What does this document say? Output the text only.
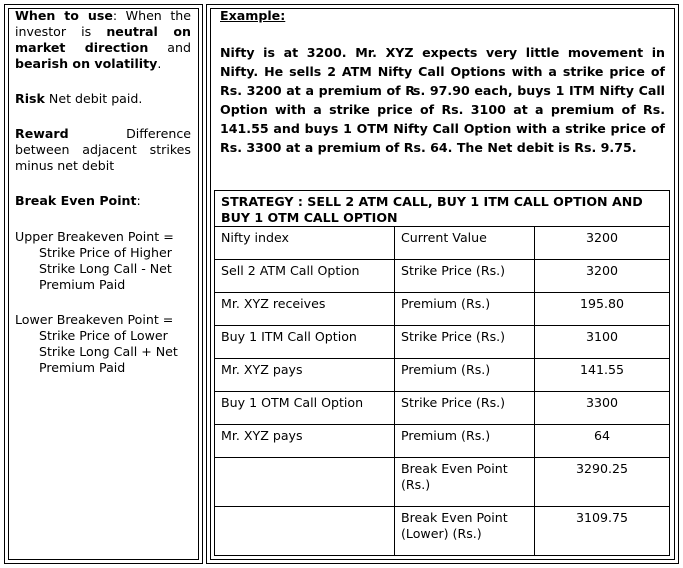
When to use: When the
investor is neutral on
market direction and
bearish on volatility.
Risk Net debit paid.
Reward	Difference
between adjacent strikes
minus net debit
Break Even Point:
Upper Breakeven Point =
Strike Price of Higher
Strike Long Call - Net
Premium Paid
Lower Breakeven Point =
Strike Price of Lower
Strike Long Call + Net
Premium Paid
Example:

Nifty is at 3200. Mr. XYZ expects very little movement in Nifty. He sells 2 ATM Nifty Call Options with a strike price of Rs. 3200 at a premium of ₨. 97.90 each, buys 1 ITM Nifty Call Option with a strike price of Rs. 3100 at a premium of Rs. 141.55 and buys 1 OTM Nifty Call Option with a strike price of Rs. 3300 at a premium of Rs. 64. The Net debit is Rs. 9.75.

STRATEGY : SELL 2 ATM CALL, BUY 1 ITM CALL OPTION AND BUY 1 OTM CALL OPTION		
Nifty index	Current Value	3200
Sell 2 ATM Call Option	Strike Price (Rs.)	3200
Mr. XYZ receives	Premium (Rs.)	195.80
Buy 1 ITM Call Option	Strike Price (Rs.)	3100
Mr. XYZ pays	Premium (Rs.)	141.55
Buy 1 OTM Call Option	Strike Price (Rs.)	3300
Mr. XYZ pays	Premium (Rs.)	64
	Break Even Point (Rs.)	3290.25
	Break Even Point (Lower) (Rs.)	3109.75
